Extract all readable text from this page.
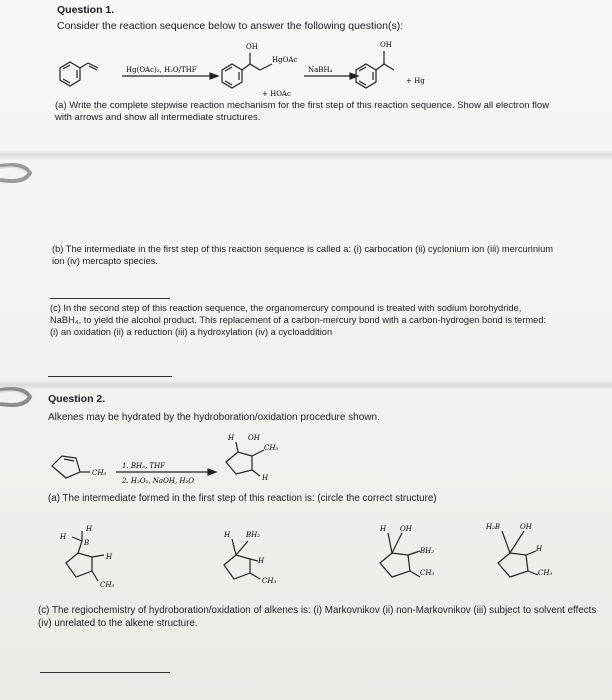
Question 1.
Consider the reaction sequence below to answer the following question(s):
Hg(OAc)₂, H₂O/THF
OH
HgOAc
+ HOAc
NaBH₄
OH
+ Hg
(a) Write the complete stepwise reaction mechanism for the first step of this reaction sequence. Show all electron flow with arrows and show all intermediate structures.
(b) The intermediate in the first step of this reaction sequence is called a: (i) carbocation (ii) cyclonium ion (iii) mercurinium ion (iv) mercapto species.
(c) In the second step of this reaction sequence, the organomercury compound is treated with sodium borohydride, NaBH₄, to yield the alcohol product. This replacement of a carbon-mercury bond with a carbon-hydrogen bond is termed: (i) an oxidation (ii) a reduction (iii) a hydroxylation (iv) a cycloaddition
Question 2.
Alkenes may be hydrated by the hydroboration/oxidation procedure shown.
CH₃
1. BH₃, THF
2. H₂O₂, NaOH, H₂O
H OH
CH₃
H
(a) The intermediate formed in the first step of this reaction is: (circle the correct structure)
H
H
B
H
CH₃
H BH₂
H
CH₃
H OH
BH₂
CH₃
H₂B	OH
H
CH₃
(c) The regiochemistry of hydroboration/oxidation of alkenes is: (i) Markovnikov (ii) non-Markovnikov (iii) subject to solvent effects (iv) unrelated to the alkene structure.
